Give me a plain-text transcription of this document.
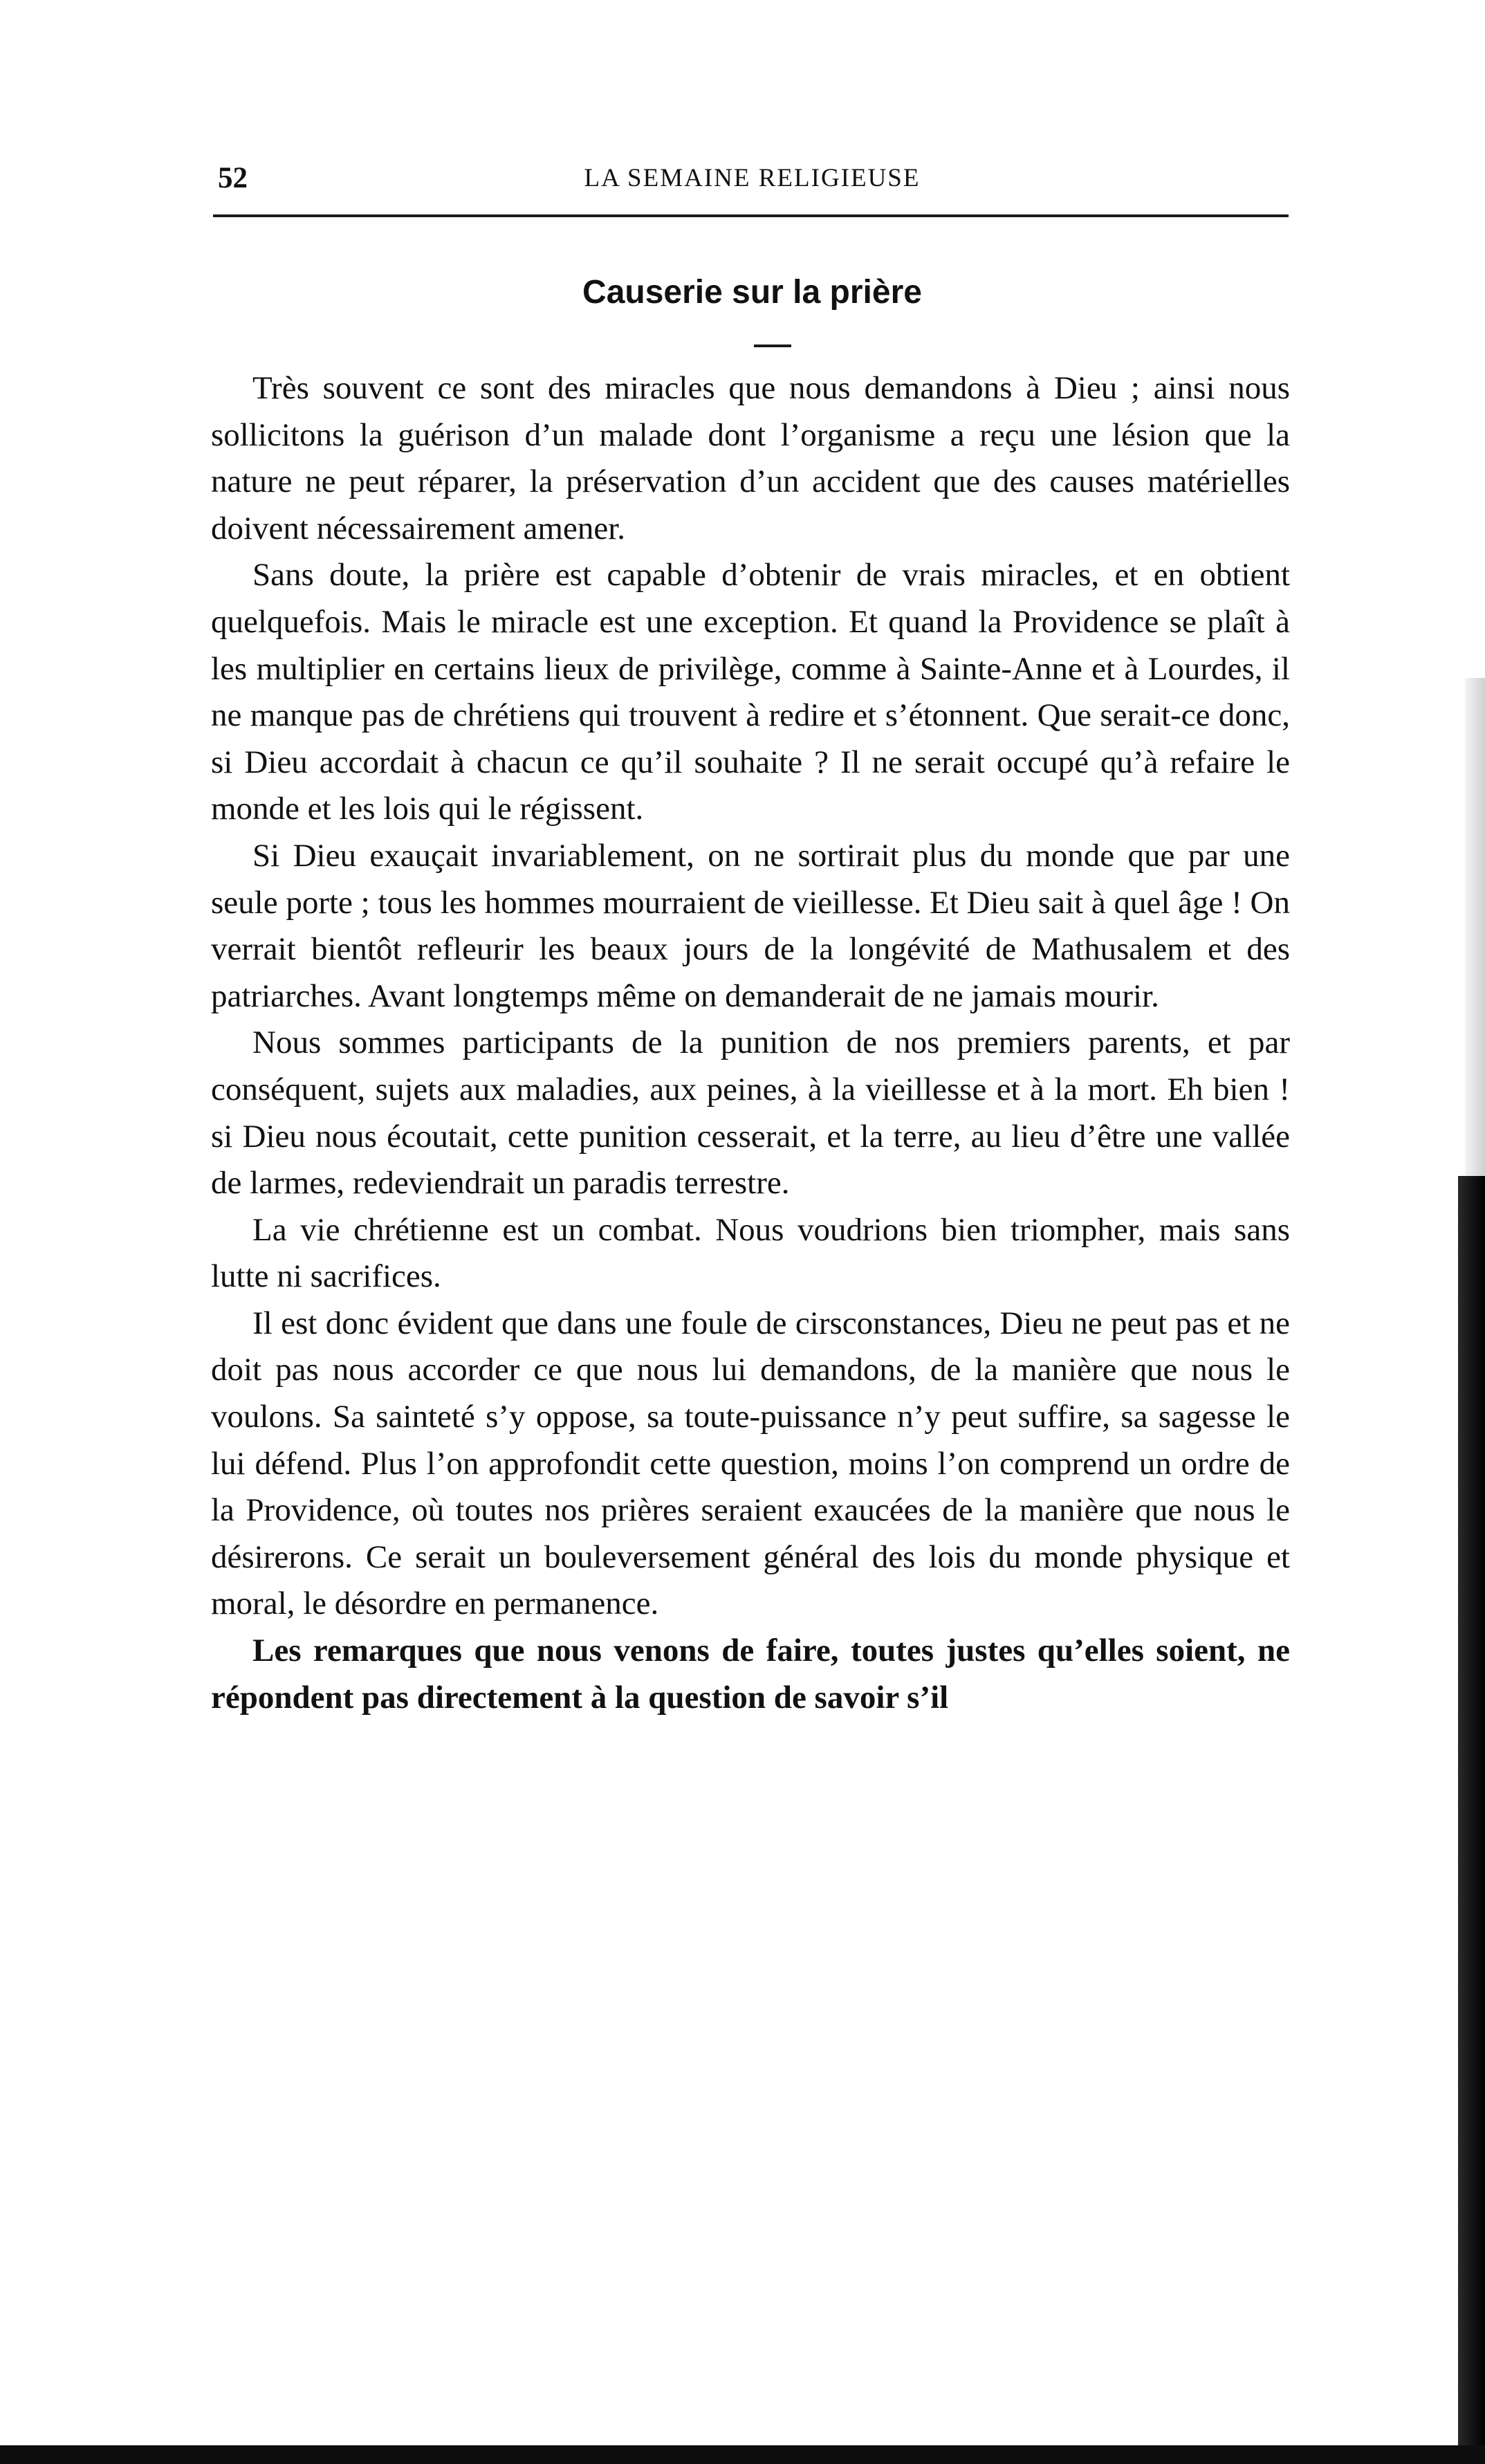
52	LA SEMAINE RELIGIEUSE
Causerie sur la prière

Très souvent ce sont des miracles que nous demandons à Dieu ; ainsi nous sollicitons la guérison d’un malade dont l’organisme a reçu une lésion que la nature ne peut réparer, la préservation d’un accident que des causes matérielles doivent nécessairement amener.

Sans doute, la prière est capable d’obtenir de vrais miracles, et en obtient quelquefois. Mais le miracle est une exception. Et quand la Providence se plaît à les multiplier en certains lieux de privilège, comme à Sainte-Anne et à Lourdes, il ne manque pas de chrétiens qui trouvent à redire et s’étonnent. Que serait-ce donc, si Dieu accordait à chacun ce qu’il souhaite ? Il ne serait occupé qu’à refaire le monde et les lois qui le régissent.

Si Dieu exauçait invariablement, on ne sortirait plus du monde que par une seule porte ; tous les hommes mourraient de vieillesse. Et Dieu sait à quel âge ! On verrait bientôt refleurir les beaux jours de la longévité de Mathusalem et des patriarches. Avant longtemps même on demanderait de ne jamais mourir.

Nous sommes participants de la punition de nos premiers parents, et par conséquent, sujets aux maladies, aux peines, à la vieillesse et à la mort. Eh bien ! si Dieu nous écoutait, cette punition cesserait, et la terre, au lieu d’être une vallée de larmes, redeviendrait un paradis terrestre.

La vie chrétienne est un combat. Nous voudrions bien triompher, mais sans lutte ni sacrifices.

Il est donc évident que dans une foule de cirsconstances, Dieu ne peut pas et ne doit pas nous accorder ce que nous lui demandons, de la manière que nous le voulons. Sa sainteté s’y oppose, sa toute-puissance n’y peut suffire, sa sagesse le lui défend. Plus l’on approfondit cette question, moins l’on comprend un ordre de la Providence, où toutes nos prières seraient exaucées de la manière que nous le désirerons. Ce serait un bouleversement général des lois du monde physique et moral, le désordre en permanence.

Les remarques que nous venons de faire, toutes justes qu’elles soient, ne répondent pas directement à la question de savoir s’il
